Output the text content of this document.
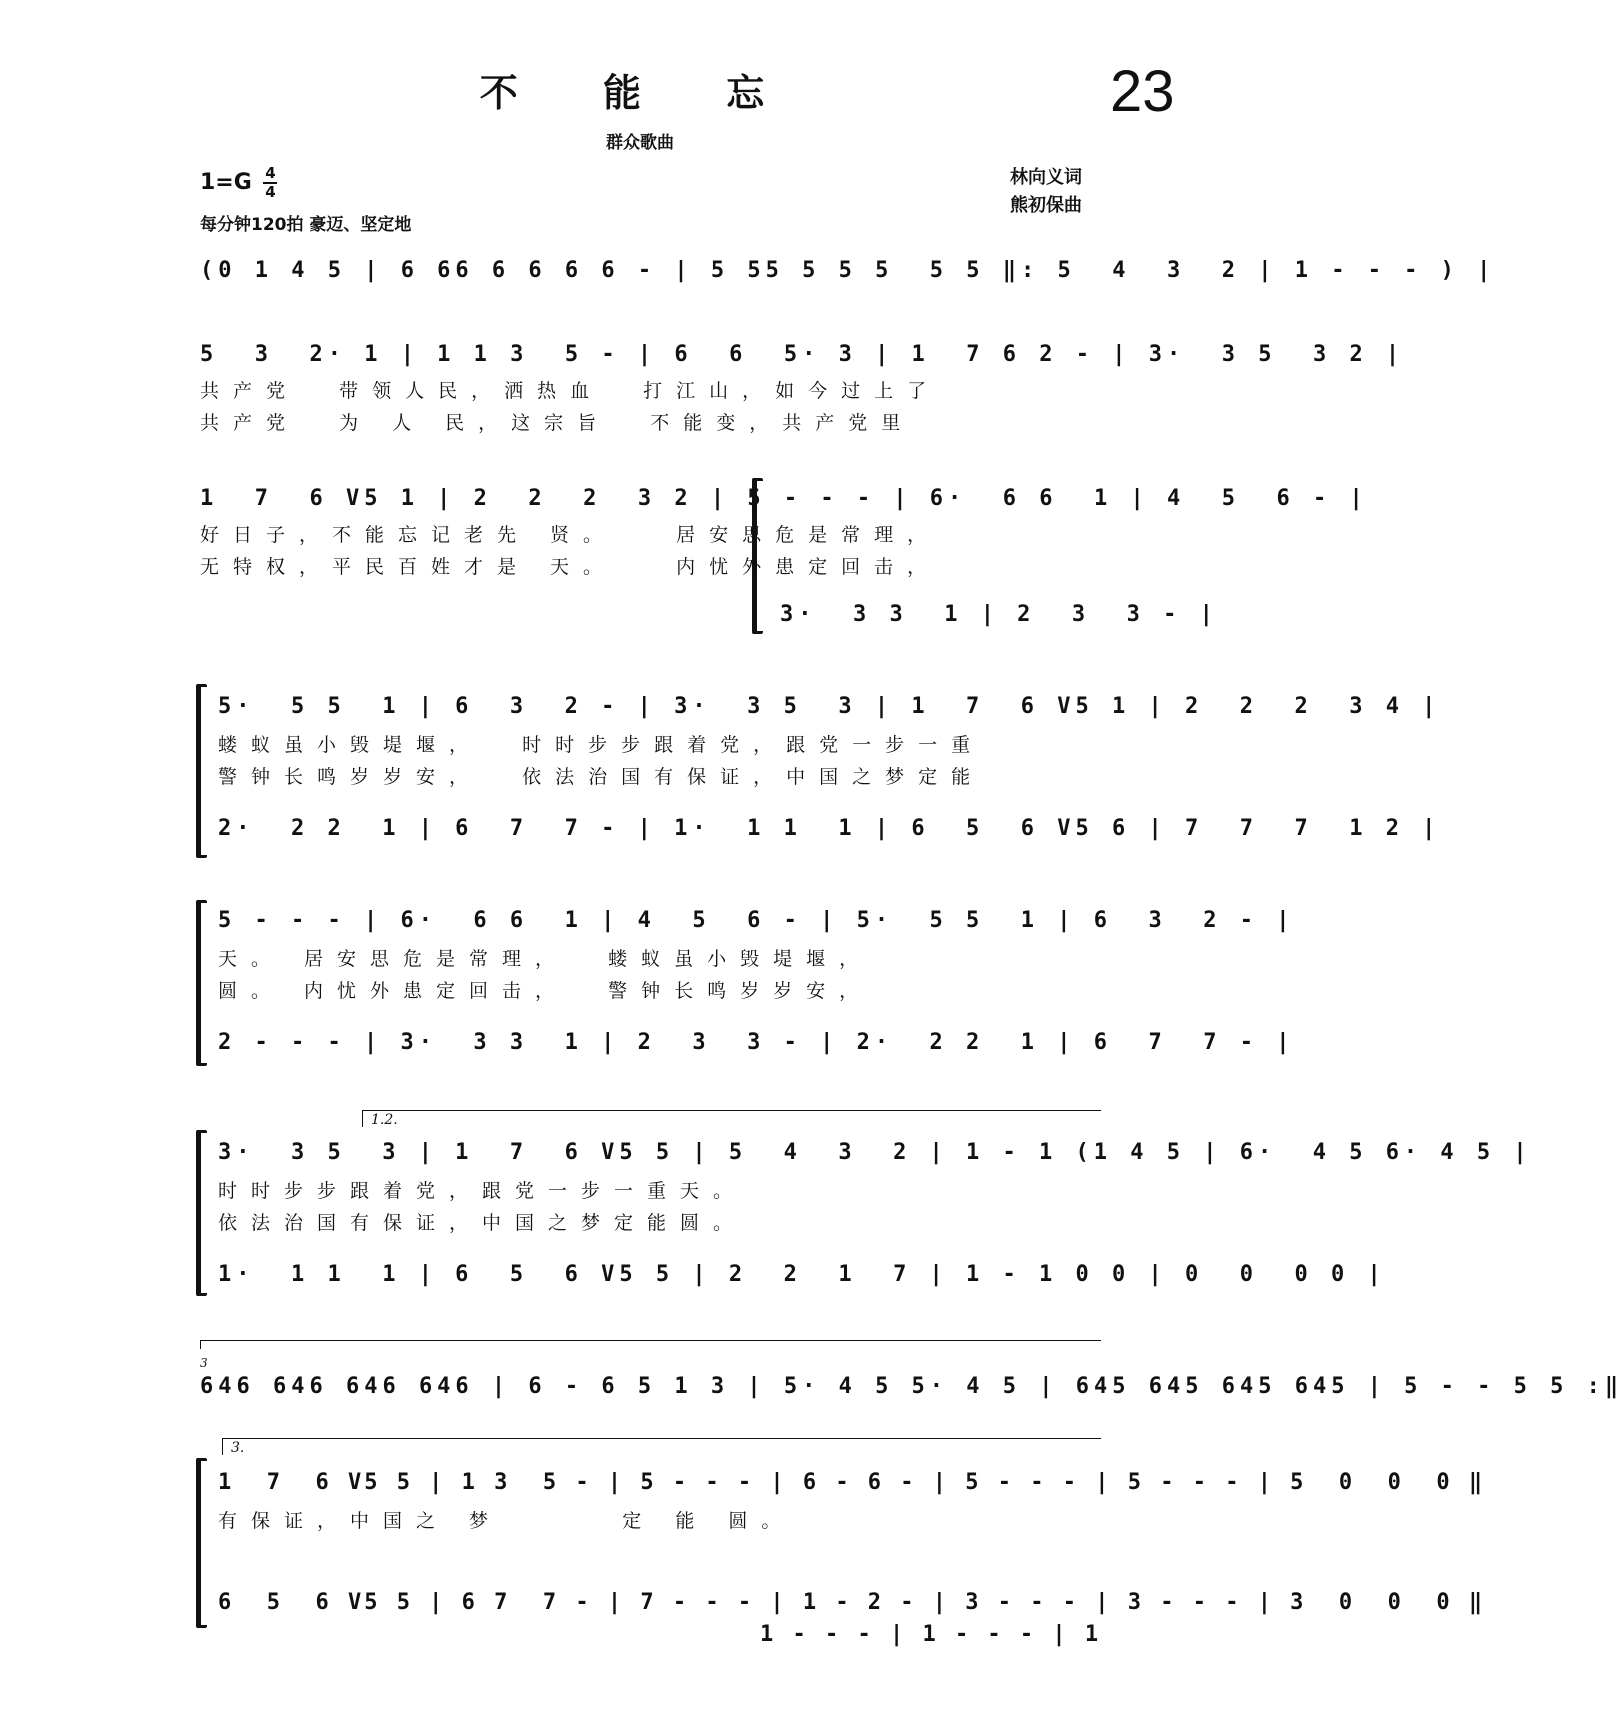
不 能 忘	23
群众歌曲
$1=G \frac{4}{4}$
每分钟120拍 豪迈、坚定地
林向义词
熊初保曲
(0 1 4 5 | 6 66 6 6 6 6 - | 5 55 5 5 5  5 5 ‖: 5  4  3  2 | 1 - - - ) |
5  3  2· 1 | 1 1 3  5 - | 6  6  5· 3 | 1  7 6 2 - | 3·  3 5  3 2 |
共产党  带领人民，洒热血  打江山，如今过上了
共产党  为 人 民，这宗旨  不能变，共产党里
1  7  6 V5 1 | 2  2  2  3 2 | 5 - - - | 6·  6 6  1 | 4  5  6 - |
好日子，不能忘记老先 贤。   居安思危是常理，
无特权，平民百姓才是 天。   内忧外患定回击，
3·  3 3  1 | 2  3  3 - |
5·  5 5  1 | 6  3  2 - | 3·  3 5  3 | 1  7  6 V5 1 | 2  2  2  3 4 |
蝼蚁虽小毁堤堰，  时时步步跟着党，跟党一步一重
警钟长鸣岁岁安，  依法治国有保证，中国之梦定能
2·  2 2  1 | 6  7  7 - | 1·  1 1  1 | 6  5  6 V5 6 | 7  7  7  1 2 |
5 - - - | 6·  6 6  1 | 4  5  6 - | 5·  5 5  1 | 6  3  2 - |
天。 居安思危是常理，  蝼蚁虽小毁堤堰，
圆。 内忧外患定回击，  警钟长鸣岁岁安，
2 - - - | 3·  3 3  1 | 2  3  3 - | 2·  2 2  1 | 6  7  7 - |
1.2.
3·  3 5  3 | 1  7  6 V5 5 | 5  4  3  2 | 1 - 1 (1 4 5 | 6·  4 5 6· 4 5 |
时时步步跟着党，跟党一步一重天。
依法治国有保证，中国之梦定能圆。
1·  1 1  1 | 6  5  6 V5 5 | 2  2  1  7 | 1 - 1 0 0 | 0  0  0 0 |
3
646 646 646 646 | 6 - 6 5 1 3 | 5· 4 5 5· 4 5 | 645 645 645 645 | 5 - - 5 5 :‖
3.
1  7  6 V5 5 | 1 3  5 - | 5 - - - | 6 - 6 - | 5 - - - | 5 - - - | 5  0  0  0 ‖
有保证，中国之 梦      定 能 圆。
6  5  6 V5 5 | 6 7  7 - | 7 - - - | 1 - 2 - | 3 - - - | 3 - - - | 3  0  0  0 ‖
1 - - - | 1 - - - | 1
